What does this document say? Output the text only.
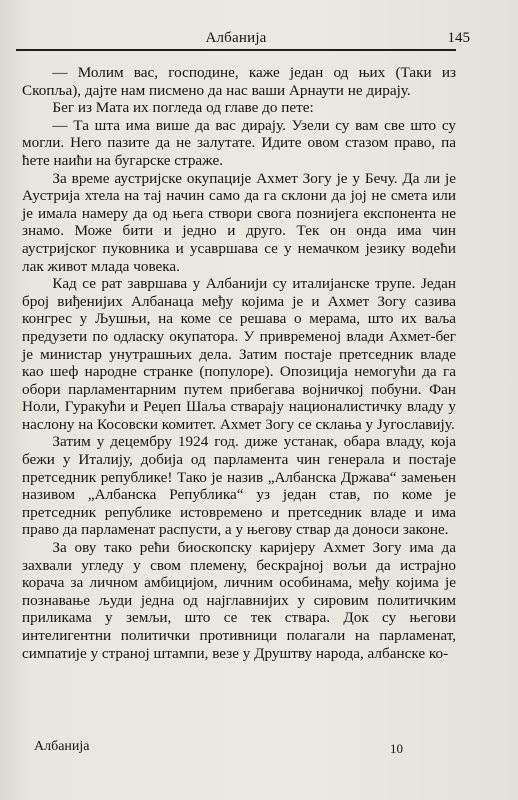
Албанија	145

— Молим вас, господине, каже један од њих (Таки из Скопља), дајте нам писмено да нас ваши Арнаути не дирају.

Бег из Мата их погледа од главе до пете:

— Та шта има више да вас дирају. Узели су вам све што су могли. Него пазите да не залутате. Идите овом стазом право, па ћете наићи на бугарске страже.

За време аустријске окупације Ахмет Зогу је у Бечу. Да ли је Аустрија хтела на тај начин само да га склони да јој не смета или је имала намеру да од њега створи свога познијега експонента не знамо. Може бити и једно и друго. Тек он онда има чин аустријског пуковника и усавршава се у немачком језику водећи лак живот млада човека.

Кад се рат завршава у Албанији су италијанске трупе. Један број виђенијих Албанаца међу којима је и Ахмет Зогу сазива конгрес у Љушњи, на коме се решава о мерама, што их ваља предузети по одласку окупатора. У привременој влади Ахмет-бег је министар унутрашњих дела. Затим постаје претседник владе као шеф народне странке (популоре). Опозиција немогући да га обори парламентарним путем прибегава војничкој побуни. Фан Ноли, Гуракући и Реџеп Шаља стварају националистичку владу у наслону на Косовски комитет. Ахмет Зогу се склања у Југославију.

Затим у децембру 1924 год. диже устанак, обара владу, која бежи у Италију, добија од парламента чин генерала и постаје претседник републике! Тако је назив „Албанска Држава“ замењен називом „Албанска Република“ уз један став, по коме је претседник републике истовремено и претседник владе и има право да парламенат распусти, а у његову ствар да доноси законе.

За ову тако рећи биоскопску каријеру Ахмет Зогу има да захвали угледу у свом племену, бескрајној вољи да истрајно корача за личном амбицијом, личним особинама, међу којима је познавање људи једна од најглавнијих у сировим политичким приликама у земљи, што се тек ствара. Док су његови интелигентни политички противници полагали на парламенат, симпатије у страној штампи, везе у Друштву народа, албанске ко-

Албанија	10
